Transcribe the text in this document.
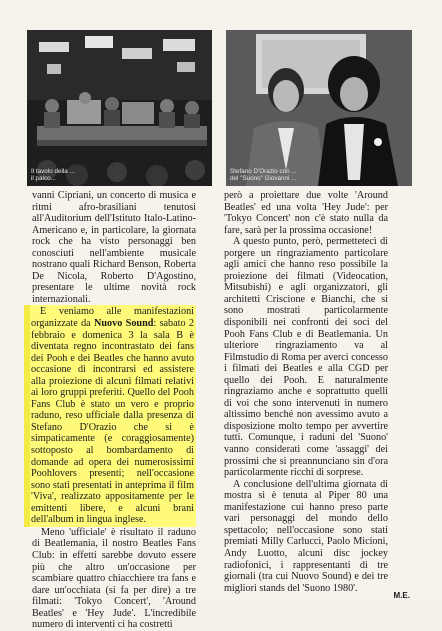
Il tavolo della ...
il palco...
Stefano D'Orazio con ...
del "Suono" Giovanni ...

vanni Cipriani, un concerto di musica e ritmi afro-brasiliani tenutosi all'Auditorium dell'Istituto Italo-Latino-Americano e, in particolare, la giornata rock che ha visto personaggi ben conosciuti nell'ambiente musicale nostrano quali Richard Benson, Roberta De Nicola, Roberto D'Agostino, presentare le ultime novità rock internazionali.

E veniamo alle manifestazioni organizzate da Nuovo Sound: sabato 2 febbraio e domenica 3 la sala B è diventata regno incontrastato dei fans dei Pooh e dei Beatles che hanno avuto occasione di incontrarsi ed assistere alla proiezione di alcuni filmati relativi ai loro gruppi preferiti. Quello del Pooh Fans Club è stato un vero e proprio raduno, reso ufficiale dalla presenza di Stefano D'Orazio che si è simpaticamente (e coraggiosamente) sottoposto al bombardamento di domande ad opera dei numerosissimi Poohlovers presenti; nell'occasione sono stati presentati in anteprima il film 'Viva', realizzato appositamente per le emittenti libere, e alcuni brani dell'album in lingua inglese.

Meno 'ufficiale' è risultato il raduno di Beatlemania, il nostro Beatles Fans Club: in effetti sarebbe dovuto essere più che altro un'occasione per scambiare quattro chiacchiere tra fans e dare un'occhiata (si fa per dire) a tre filmati: 'Tokyo Concert', 'Around Beatles' e 'Hey Jude'. L'incredibile numero di interventi ci ha costretti

però a proiettare due volte 'Around Beatles' ed una volta 'Hey Jude': per 'Tokyo Concert' non c'è stato nulla da fare, sarà per la prossima occasione!

A questo punto, però, permettetecì di porgere un ringraziamento particolare agli amici che hanno reso possibile la proiezione dei filmati (Videocation, Mitsubishi) e agli organizzatori, gli architetti Criscione e Bianchi, che si sono mostrati particolarmente disponibili nei confronti dei soci del Pooh Fans Club e di Beatlemania. Un ulteriore ringraziamento va al Filmstudio di Roma per averci concesso i filmati dei Beatles e alla CGD per quello dei Pooh. E naturalmente ringraziamo anche e soprattutto quelli di voi che sono intervenuti in numero altissimo benché non avessimo avuto a disposizione molto tempo per avvertire tutti. Comunque, i raduni del 'Suono' vanno considerati come 'assaggi' dei prossimi che si preannunciano sin d'ora particolarmente ricchi di sorprese.

A conclusione dell'ultima giornata di mostra si è tenuta al Piper 80 una manifestazione cui hanno preso parte vari personaggi del mondo dello spettacolo; nell'occasione sono stati premiati Milly Carlucci, Paolo Micioni, Andy Luotto, alcuni disc jockey radiofonici, i rappresentanti di tre giornali (tra cui Nuovo Sound) e dei tre migliori stands del 'Suono 1980'.

M.E.
